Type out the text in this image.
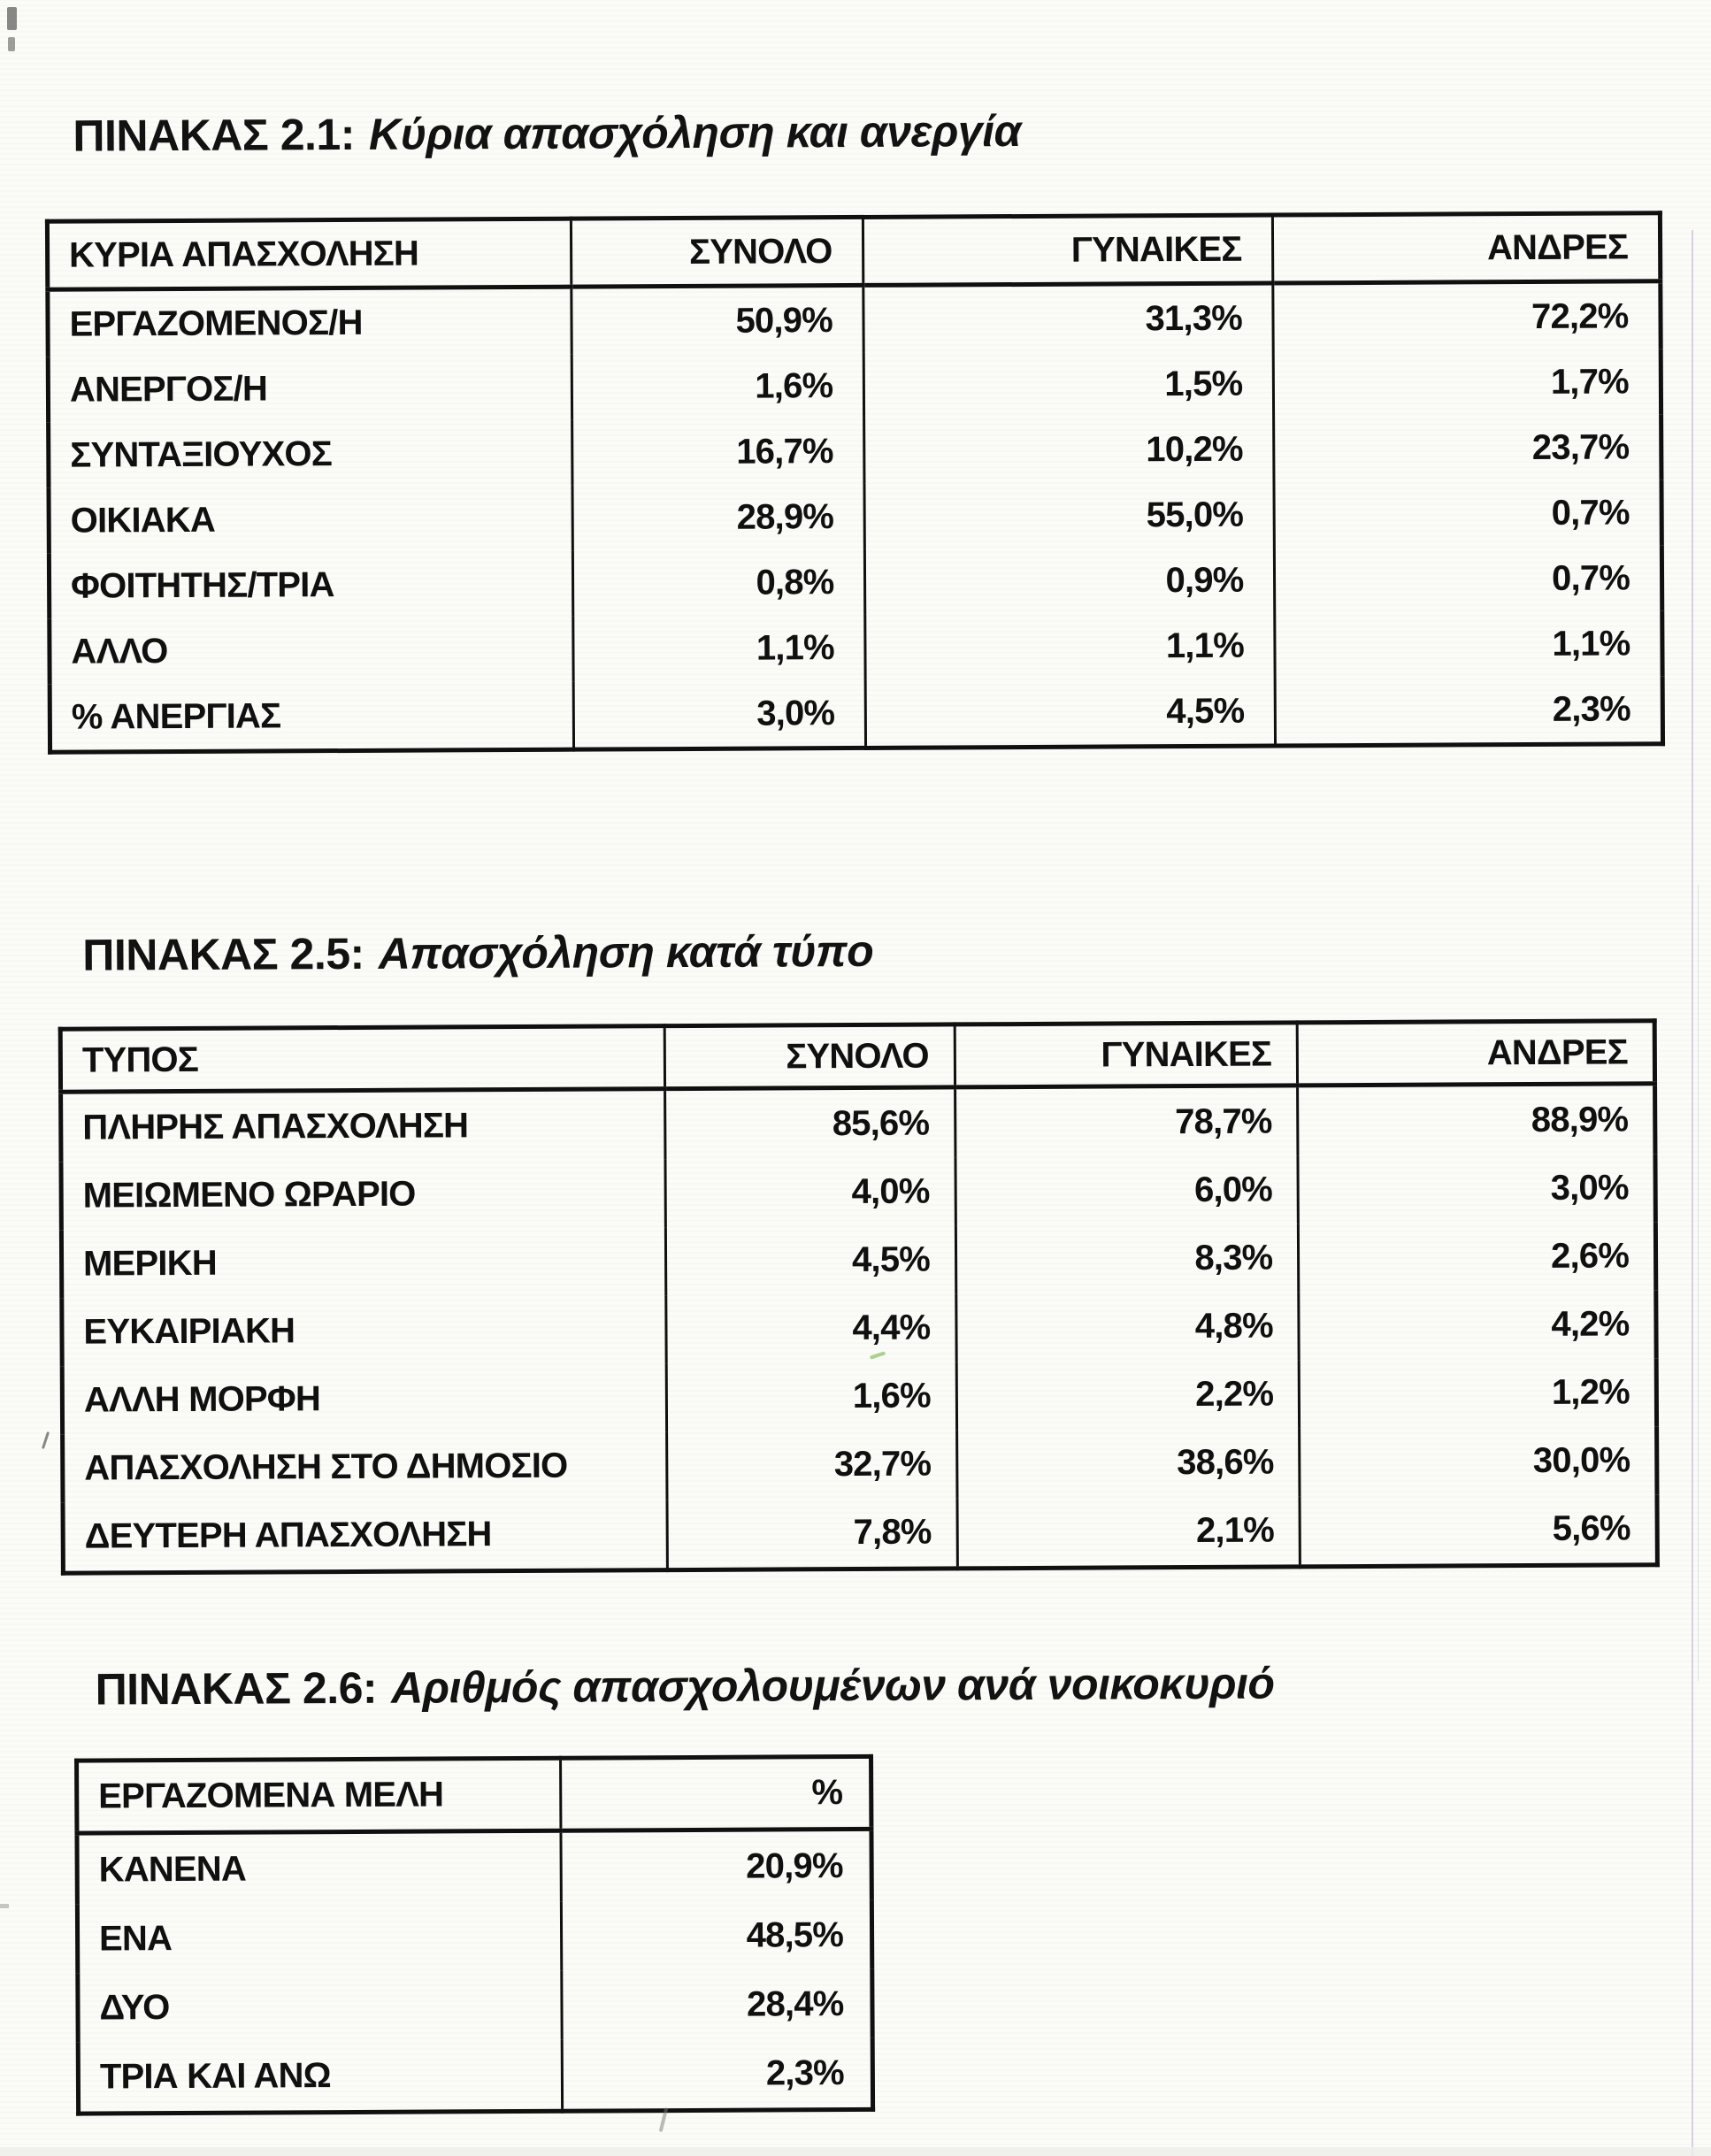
ΠΙΝΑΚΑΣ 2.1: Κύρια απασχόληση και ανεργία
ΚΥΡΙΑ ΑΠΑΣΧΟΛΗΣΗ	ΣΥΝΟΛΟ	ΓΥΝΑΙΚΕΣ	ΑΝΔΡΕΣ
ΕΡΓΑΖΟΜΕΝΟΣ/Η	50,9%	31,3%	72,2%
ΑΝΕΡΓΟΣ/Η	1,6%	1,5%	1,7%
ΣΥΝΤΑΞΙΟΥΧΟΣ	16,7%	10,2%	23,7%
ΟΙΚΙΑΚΑ	28,9%	55,0%	0,7%
ΦΟΙΤΗΤΗΣ/ΤΡΙΑ	0,8%	0,9%	0,7%
ΑΛΛΟ	1,1%	1,1%	1,1%
% ΑΝΕΡΓΙΑΣ	3,0%	4,5%	2,3%
ΠΙΝΑΚΑΣ 2.5: Απασχόληση κατά τύπο
ΤΥΠΟΣ	ΣΥΝΟΛΟ	ΓΥΝΑΙΚΕΣ	ΑΝΔΡΕΣ
ΠΛΗΡΗΣ ΑΠΑΣΧΟΛΗΣΗ	85,6%	78,7%	88,9%
ΜΕΙΩΜΕΝΟ ΩΡΑΡΙΟ	4,0%	6,0%	3,0%
ΜΕΡΙΚΗ	4,5%	8,3%	2,6%
ΕΥΚΑΙΡΙΑΚΗ	4,4%	4,8%	4,2%
ΑΛΛΗ ΜΟΡΦΗ	1,6%	2,2%	1,2%
ΑΠΑΣΧΟΛΗΣΗ ΣΤΟ ΔΗΜΟΣΙΟ	32,7%	38,6%	30,0%
ΔΕΥΤΕΡΗ ΑΠΑΣΧΟΛΗΣΗ	7,8%	2,1%	5,6%
ΠΙΝΑΚΑΣ 2.6: Αριθμός απασχολουμένων ανά νοικοκυριό
ΕΡΓΑΖΟΜΕΝΑ ΜΕΛΗ	%
ΚΑΝΕΝΑ	20,9%
ΕΝΑ	48,5%
ΔΥΟ	28,4%
ΤΡΙΑ ΚΑΙ ΑΝΩ	2,3%
